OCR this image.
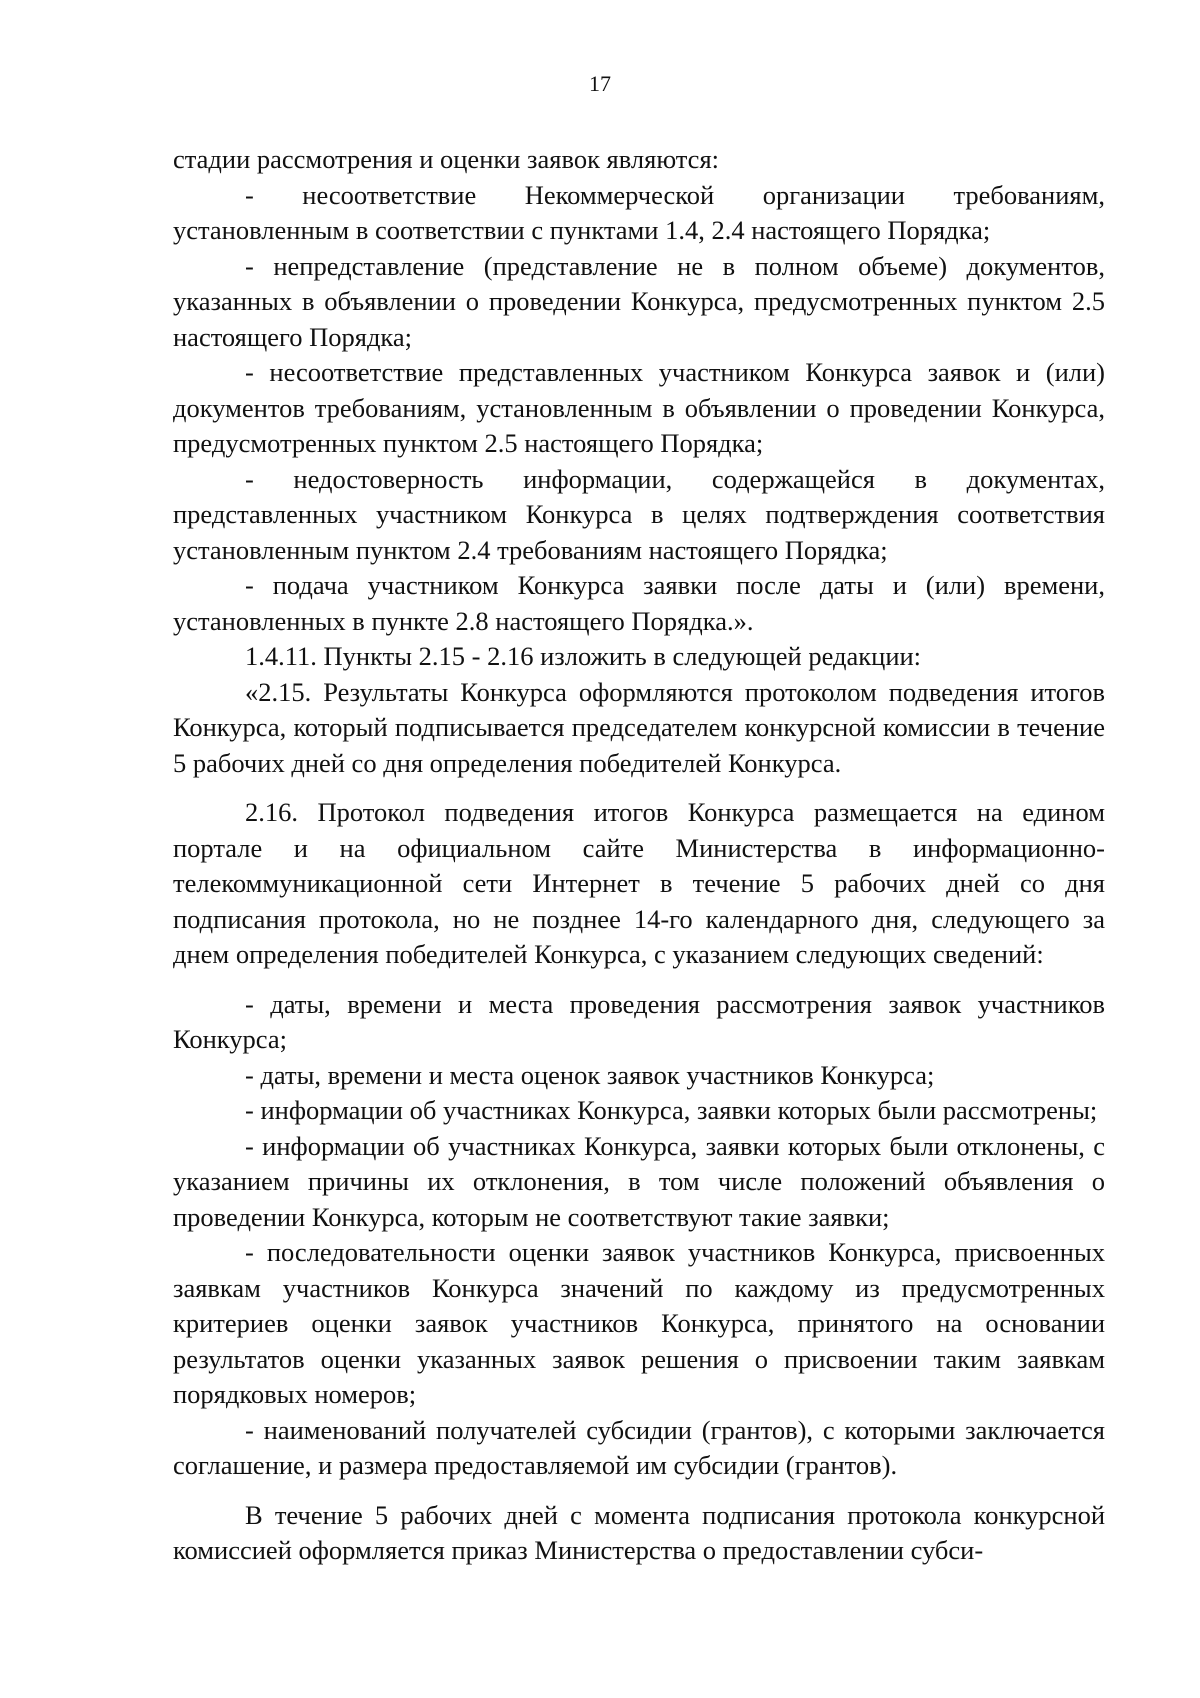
17

стадии рассмотрения и оценки заявок являются:

- несоответствие Некоммерческой организации требованиям, установленным в соответствии с пунктами 1.4, 2.4 настоящего Порядка;

- непредставление (представление не в полном объеме) документов, указанных в объявлении о проведении Конкурса, предусмотренных пунктом 2.5 настоящего Порядка;

- несоответствие представленных участником Конкурса заявок и (или) документов требованиям, установленным в объявлении о проведении Конкурса, предусмотренных пунктом 2.5 настоящего Порядка;

- недостоверность информации, содержащейся в документах, представленных участником Конкурса в целях подтверждения соответствия установленным пунктом 2.4 требованиям настоящего Порядка;

- подача участником Конкурса заявки после даты и (или) времени, установленных в пункте 2.8 настоящего Порядка.».

1.4.11. Пункты 2.15 - 2.16 изложить в следующей редакции:

«2.15. Результаты Конкурса оформляются протоколом подведения итогов Конкурса, который подписывается председателем конкурсной комиссии в течение 5 рабочих дней со дня определения победителей Конкурса.

2.16. Протокол подведения итогов Конкурса размещается на едином портале и на официальном сайте Министерства в информационно-телекоммуникационной сети Интернет в течение 5 рабочих дней со дня подписания протокола, но не позднее 14-го календарного дня, следующего за днем определения победителей Конкурса, с указанием следующих сведений:

- даты, времени и места проведения рассмотрения заявок участников Конкурса;

- даты, времени и места оценок заявок участников Конкурса;

- информации об участниках Конкурса, заявки которых были рассмотрены;

- информации об участниках Конкурса, заявки которых были отклонены, с указанием причины их отклонения, в том числе положений объявления о проведении Конкурса, которым не соответствуют такие заявки;

- последовательности оценки заявок участников Конкурса, присвоенных заявкам участников Конкурса значений по каждому из предусмотренных критериев оценки заявок участников Конкурса, принятого на основании результатов оценки указанных заявок решения о присвоении таким заявкам порядковых номеров;

- наименований получателей субсидии (грантов), с которыми заключается соглашение, и размера предоставляемой им субсидии (грантов).

В течение 5 рабочих дней с момента подписания протокола конкурсной комиссией оформляется приказ Министерства о предоставлении субси-
